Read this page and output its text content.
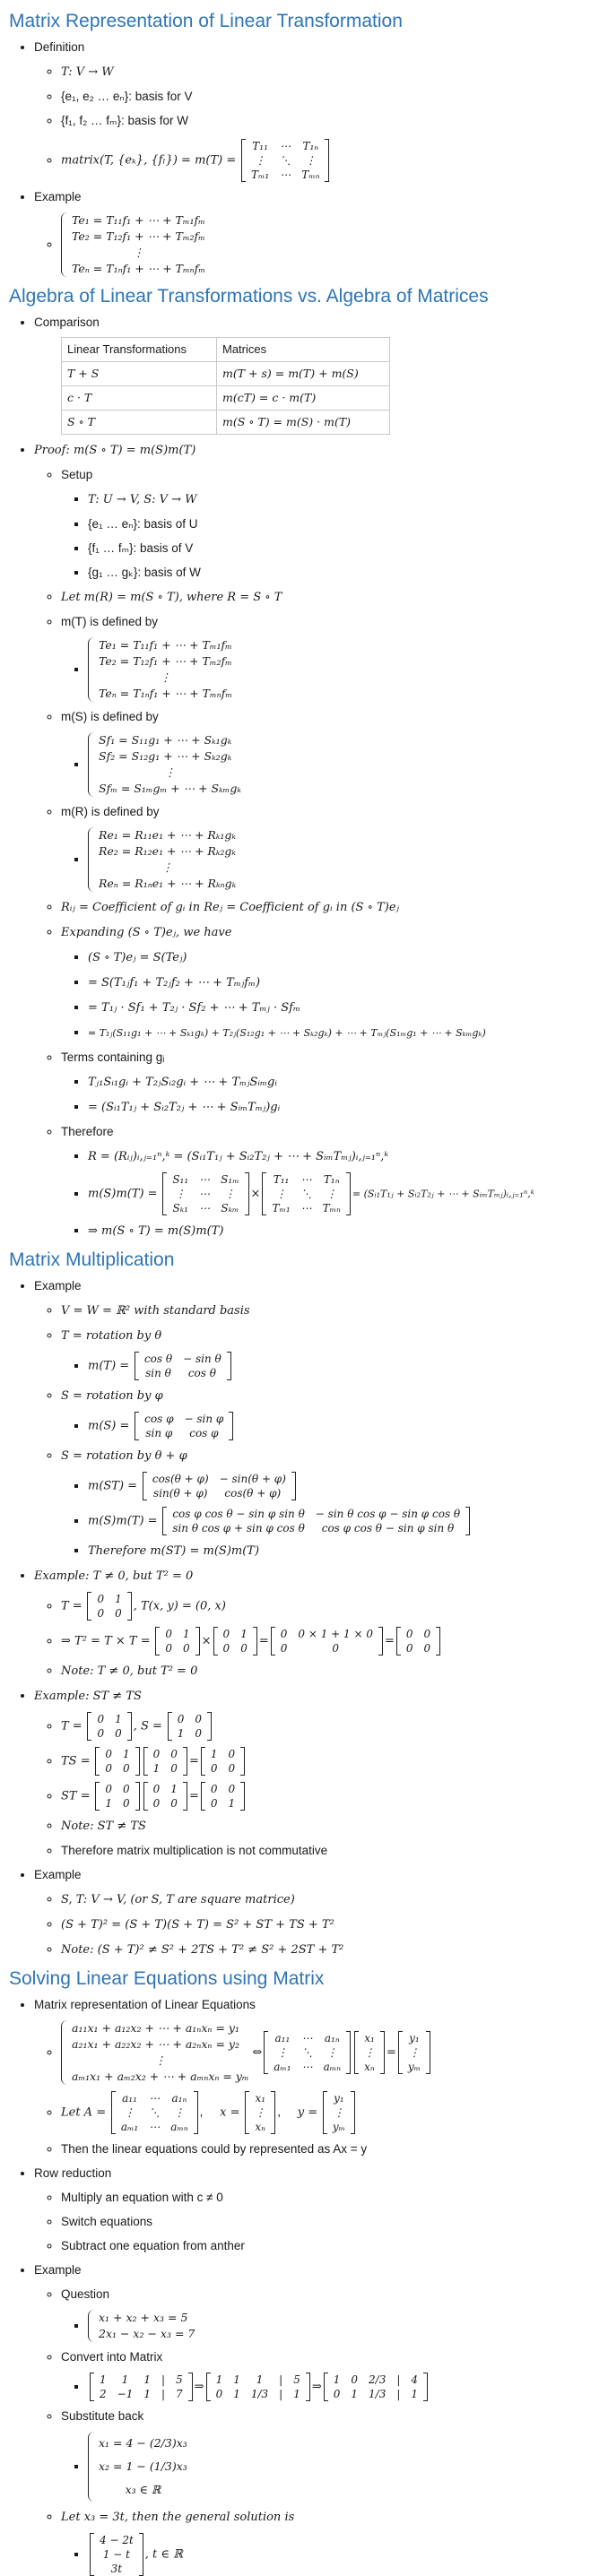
Matrix Representation of Linear Transformation
• Definition
◦ T: V → W
◦ {e₁, e₂ … eₙ}: basis for V
◦ {f₁, f₂ … fₘ}: basis for W
◦ matrix(T, {eₖ}, {fₗ}) = m(T) =
T₁₁	⋯	T₁ₙ
⋮	⋱	⋮
Tₘ₁	⋯	Tₘₙ
• Example
◦ Te₁ = T₁₁f₁ + ⋯ + Tₘ₁fₘ
Te₂ = T₁₂f₁ + ⋯ + Tₘ₂fₘ
⋮
Teₙ = T₁ₙf₁ + ⋯ + Tₘₙfₘ
Algebra of Linear Transformations vs. Algebra of Matrices
• Comparison
Linear Transformations	Matrices
T + S	m(T + s) = m(T) + m(S)
c · T	m(cT) = c · m(T)
S ∘ T	m(S ∘ T) = m(S) · m(T)
• Proof: m(S ∘ T) = m(S)m(T)
◦ Setup
▪ T: U → V, S: V → W
▪ {e₁ … eₙ}: basis of U
▪ {f₁ … fₘ}: basis of V
▪ {g₁ … gₖ}: basis of W
◦ Let m(R) = m(S ∘ T), where R = S ∘ T
◦ m(T) is defined by
▪ Te₁ = T₁₁f₁ + ⋯ + Tₘ₁fₘ
Te₂ = T₁₂f₁ + ⋯ + Tₘ₂fₘ
⋮
Teₙ = T₁ₙf₁ + ⋯ + Tₘₙfₘ
◦ m(S) is defined by
▪ Sf₁ = S₁₁g₁ + ⋯ + Sₖ₁gₖ
Sf₂ = S₁₂g₁ + ⋯ + Sₖ₂gₖ
⋮
Sfₘ = S₁ₘgₘ + ⋯ + Sₖₘgₖ
◦ m(R) is defined by
▪ Re₁ = R₁₁e₁ + ⋯ + Rₖ₁gₖ
Re₂ = R₁₂e₁ + ⋯ + Rₖ₂gₖ
⋮
Reₙ = R₁ₙe₁ + ⋯ + Rₖₙgₖ
◦ Rᵢⱼ = Coefficient of gᵢ in Reⱼ = Coefficient of gᵢ in (S ∘ T)eⱼ
◦ Expanding (S ∘ T)eⱼ, we have
▪ (S ∘ T)eⱼ = S(Teⱼ)
▪ = S(T₁ⱼf₁ + T₂ⱼf₂ + ⋯ + Tₘⱼfₘ)
▪ = T₁ⱼ · Sf₁ + T₂ⱼ · Sf₂ + ⋯ + Tₘⱼ · Sfₘ
▪ = T₁ⱼ(S₁₁g₁ + ⋯ + Sₖ₁gₖ) + T₂ⱼ(S₁₂g₁ + ⋯ + Sₖ₂gₖ) + ⋯ + Tₘⱼ(S₁ₘg₁ + ⋯ + Sₖₘgₖ)
◦ Terms containing gᵢ
▪ Tⱼ₁Sᵢ₁gᵢ + T₂ⱼSᵢ₂gᵢ + ⋯ + TₘⱼSᵢₘgᵢ
▪ = (Sᵢ₁T₁ⱼ + Sᵢ₂T₂ⱼ + ⋯ + SᵢₘTₘⱼ)gᵢ
◦ Therefore
▪ R = (Rᵢⱼ)ᵢ,ⱼ₌₁ⁿ,ᵏ = (Sᵢ₁T₁ⱼ + Sᵢ₂T₂ⱼ + ⋯ + SᵢₘTₘⱼ)ᵢ,ⱼ₌₁ⁿ,ᵏ
▪ m(S)m(T) =
S₁₁	⋯	S₁ₘ
⋮	⋯	⋮
Sₖ₁	⋯	Sₖₘ
×
T₁₁	⋯	T₁ₙ
⋮	⋱	⋮
Tₘ₁	⋯	Tₘₙ
= (Sᵢ₁T₁ⱼ + Sᵢ₂T₂ⱼ + ⋯ + SᵢₘTₘⱼ)ᵢ,ⱼ₌₁ⁿ,ᵏ
▪ ⇒ m(S ∘ T) = m(S)m(T)
Matrix Multiplication
• Example
◦ V = W = ℝ² with standard basis
◦ T = rotation by θ
▪ m(T) =
cos θ	− sin θ
sin θ	cos θ
◦ S = rotation by φ
▪ m(S) =
cos φ	− sin φ
sin φ	cos φ
◦ S = rotation by θ + φ
▪ m(ST) =
cos(θ + φ)	− sin(θ + φ)
sin(θ + φ)	cos(θ + φ)
▪ m(S)m(T) =
cos φ cos θ − sin φ sin θ	− sin θ cos φ − sin φ cos θ
sin θ cos φ + sin φ cos θ	cos φ cos θ − sin φ sin θ
▪ Therefore m(ST) = m(S)m(T)
• Example: T ≠ 0, but T² = 0
◦ T =
0	1
0	0
, T(x, y) = (0, x)
◦ ⇒ T² = T × T =
0	1
0	0
×
0	1
0	0
=
0	0 × 1 + 1 × 0
0	0
=
0	0
0	0
◦ Note: T ≠ 0, but T² = 0
• Example: ST ≠ TS
◦ T =
0	1
0	0
, S =
0	0
1	0
◦ TS =
0	1
0	0
0	0
1	0
=
1	0
0	0
◦ ST =
0	0
1	0
0	1
0	0
=
0	0
0	1
◦ Note: ST ≠ TS
◦ Therefore matrix multiplication is not commutative
• Example
◦ S, T: V → V, (or S, T are square matrice)
◦ (S + T)² = (S + T)(S + T) = S² + ST + TS + T²
◦ Note: (S + T)² ≠ S² + 2TS + T² ≠ S² + 2ST + T²
Solving Linear Equations using Matrix
• Matrix representation of Linear Equations
◦ a₁₁x₁ + a₁₂x₂ + ⋯ + a₁ₙxₙ = y₁
a₂₁x₁ + a₂₂x₂ + ⋯ + a₂ₙxₙ = y₂
⋮
aₘ₁x₁ + aₘ₂x₂ + ⋯ + aₘₙxₙ = yₘ
⇔
a₁₁	⋯	a₁ₙ
⋮	⋱	⋮
aₘ₁	⋯	aₘₙ
x₁
⋮
xₙ
=
y₁
⋮
yₘ
◦ Let A =
a₁₁	⋯	a₁ₙ
⋮	⋱	⋮
aₘ₁	⋯	aₘₙ
,     x =
x₁
⋮
xₙ
,     y =
y₁
⋮
yₘ
◦ Then the linear equations could by represented as Ax = y
• Row reduction
◦ Multiply an equation with c ≠ 0
◦ Switch equations
◦ Subtract one equation from anther
• Example
◦ Question
▪ x₁ + x₂ + x₃ = 5
2x₁ − x₂ − x₃ = 7
◦ Convert into Matrix
▪ 1	1	1	|	5
2	−1	1	|	7
⇒
1	1	1	|	5
0	1	1/3	|	1
⇒
1	0	2/3	|	4
0	1	1/3	|	1
◦ Substitute back
▪ x₁ = 4 − (2/3)x₃
x₂ = 1 − (1/3)x₃
x₃ ∈ ℝ
◦ Let x₃ = 3t, then the general solution is
▪ 4 − 2t
1 − t
3t
, t ∈ ℝ
